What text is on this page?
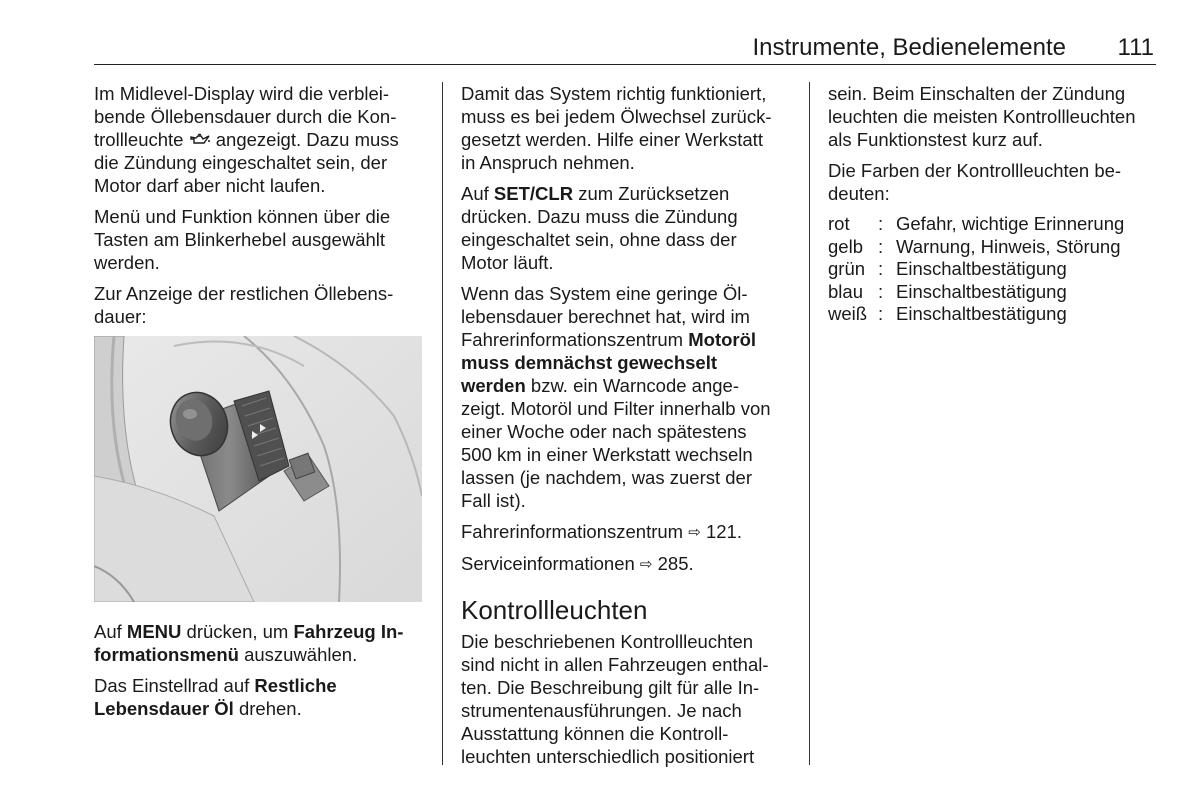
Instrumente, Bedienelemente 111

Im Midlevel-Display wird die verblei-
bende Öllebensdauer durch die Kon-
trollleuchte  angezeigt. Dazu muss
die Zündung eingeschaltet sein, der
Motor darf aber nicht laufen.

Menü und Funktion können über die
Tasten am Blinkerhebel ausgewählt
werden.

Zur Anzeige der restlichen Öllebens-
dauer:

Auf MENU drücken, um Fahrzeug In-
formationsmenü auszuwählen.

Das Einstellrad auf Restliche
Lebensdauer Öl drehen.

Damit das System richtig funktioniert,
muss es bei jedem Ölwechsel zurück-
gesetzt werden. Hilfe einer Werkstatt
in Anspruch nehmen.

Auf SET/CLR zum Zurücksetzen
drücken. Dazu muss die Zündung
eingeschaltet sein, ohne dass der
Motor läuft.

Wenn das System eine geringe Öl-
lebensdauer berechnet hat, wird im
Fahrerinformationszentrum Motoröl
muss demnächst gewechselt
werden bzw. ein Warncode ange-
zeigt. Motoröl und Filter innerhalb von
einer Woche oder nach spätestens
500 km in einer Werkstatt wechseln
lassen (je nachdem, was zuerst der
Fall ist).

Fahrerinformationszentrum ⇨ 121.

Serviceinformationen ⇨ 285.

Kontrollleuchten

Die beschriebenen Kontrollleuchten
sind nicht in allen Fahrzeugen enthal-
ten. Die Beschreibung gilt für alle In-
strumentenausführungen. Je nach
Ausstattung können die Kontroll-
leuchten unterschiedlich positioniert

sein. Beim Einschalten der Zündung
leuchten die meisten Kontrollleuchten
als Funktionstest kurz auf.

Die Farben der Kontrollleuchten be-
deuten:

rot	:	Gefahr, wichtige Erinnerung
gelb	:	Warnung, Hinweis, Störung
grün	:	Einschaltbestätigung
blau	:	Einschaltbestätigung
weiß	:	Einschaltbestätigung
